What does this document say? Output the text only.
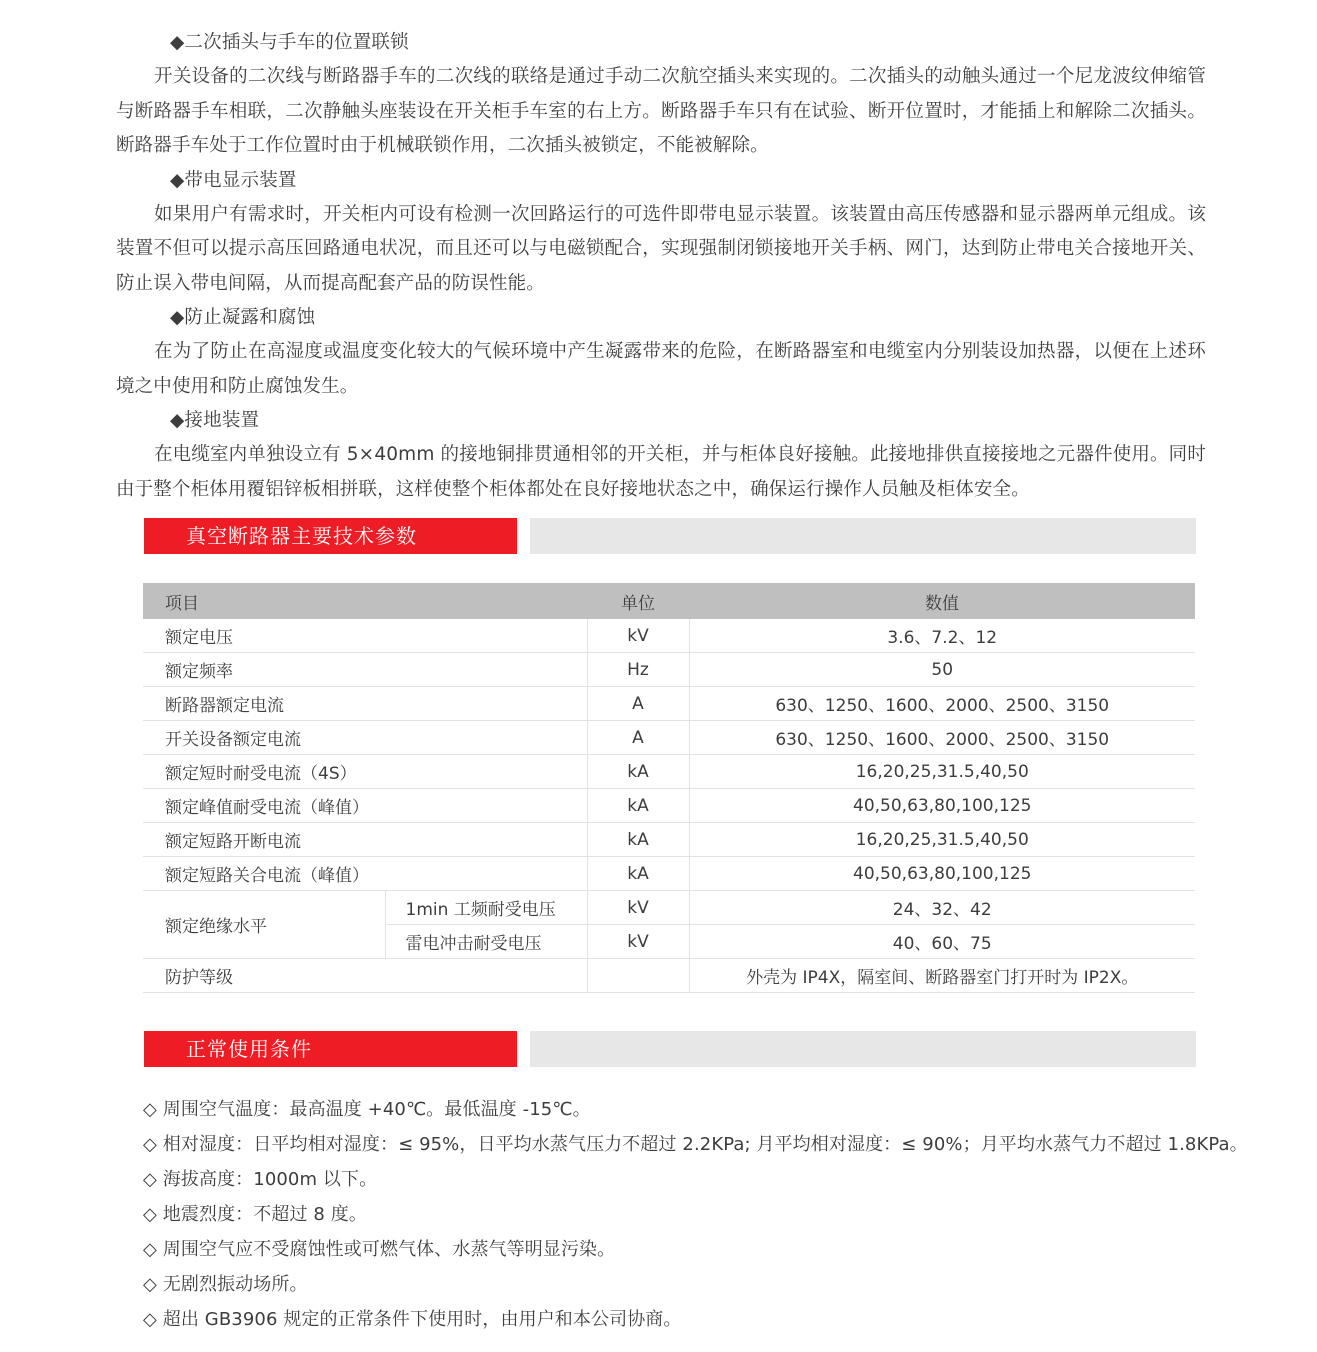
◆二次插头与手车的位置联锁

开关设备的二次线与断路器手车的二次线的联络是通过手动二次航空插头来实现的。二次插头的动触头通过一个尼龙波纹伸缩管与断路器手车相联，二次静触头座装设在开关柜手车室的右上方。断路器手车只有在试验、断开位置时，才能插上和解除二次插头。断路器手车处于工作位置时由于机械联锁作用，二次插头被锁定，不能被解除。

◆带电显示装置

如果用户有需求时，开关柜内可设有检测一次回路运行的可选件即带电显示装置。该装置由高压传感器和显示器两单元组成。该装置不但可以提示高压回路通电状况，而且还可以与电磁锁配合，实现强制闭锁接地开关手柄、网门，达到防止带电关合接地开关、防止误入带电间隔，从而提高配套产品的防误性能。

◆防止凝露和腐蚀

在为了防止在高湿度或温度变化较大的气候环境中产生凝露带来的危险，在断路器室和电缆室内分别装设加热器，以便在上述环境之中使用和防止腐蚀发生。

◆接地装置

在电缆室内单独设立有 5×40mm 的接地铜排贯通相邻的开关柜，并与柜体良好接触。此接地排供直接接地之元器件使用。同时由于整个柜体用覆铝锌板相拼联，这样使整个柜体都处在良好接地状态之中，确保运行操作人员触及柜体安全。

真空断路器主要技术参数
项目		单位	数值
额定电压		kV	3.6、7.2、12
额定频率		Hz	50
断路器额定电流		A	630、1250、1600、2000、2500、3150
开关设备额定电流		A	630、1250、1600、2000、2500、3150
额定短时耐受电流（4S）		kA	16,20,25,31.5,40,50
额定峰值耐受电流（峰值）		kA	40,50,63,80,100,125
额定短路开断电流		kA	16,20,25,31.5,40,50
额定短路关合电流（峰值）		kA	40,50,63,80,100,125
额定绝缘水平	1min 工频耐受电压	kV	24、32、42
	雷电冲击耐受电压	kV	40、60、75
防护等级			外壳为 IP4X，隔室间、断路器室门打开时为 IP2X。
正常使用条件
◇ 周围空气温度：最高温度 +40℃。最低温度 -15℃。
◇ 相对湿度：日平均相对湿度：≤ 95%，日平均水蒸气压力不超过 2.2KPa; 月平均相对湿度：≤ 90%；月平均水蒸气力不超过 1.8KPa。
◇ 海拔高度：1000m 以下。
◇ 地震烈度：不超过 8 度。
◇ 周围空气应不受腐蚀性或可燃气体、水蒸气等明显污染。
◇ 无剧烈振动场所。
◇ 超出 GB3906 规定的正常条件下使用时，由用户和本公司协商。
